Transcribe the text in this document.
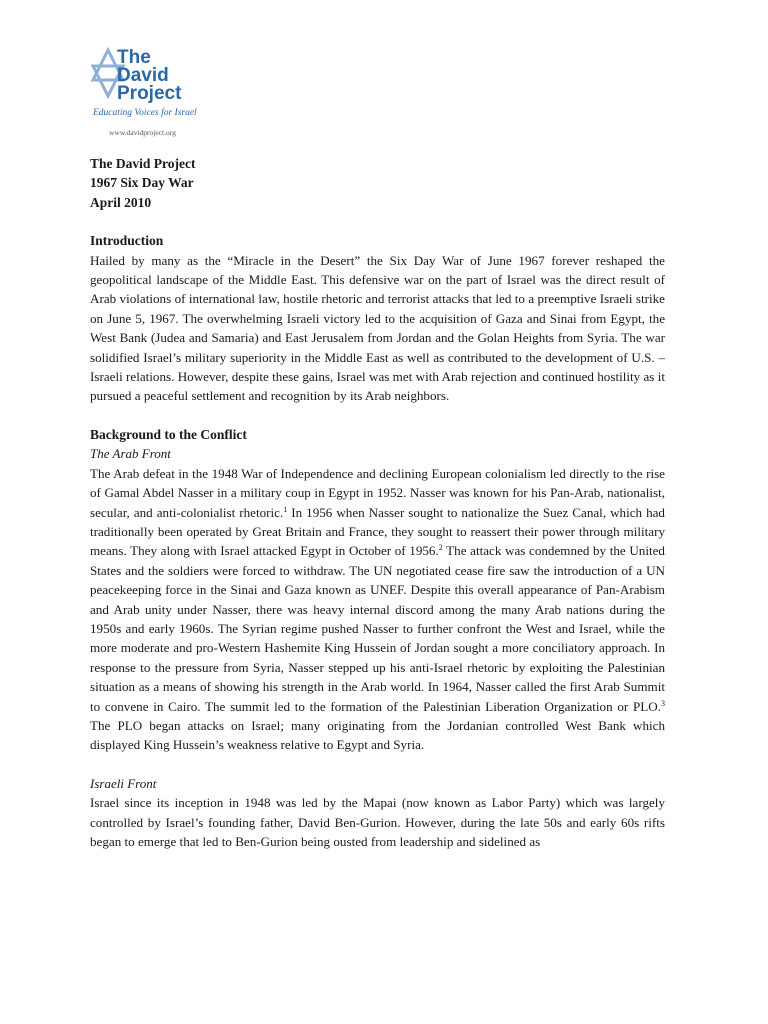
The
David
Project
Educating Voices for Israel
www.davidproject.org
The David Project
1967 Six Day War
April 2010
Introduction

Hailed by many as the “Miracle in the Desert” the Six Day War of June 1967 forever reshaped the geopolitical landscape of the Middle East. This defensive war on the part of Israel was the direct result of Arab violations of international law, hostile rhetoric and terrorist attacks that led to a preemptive Israeli strike on June 5, 1967. The overwhelming Israeli victory led to the acquisition of Gaza and Sinai from Egypt, the West Bank (Judea and Samaria) and East Jerusalem from Jordan and the Golan Heights from Syria. The war solidified Israel’s military superiority in the Middle East as well as contributed to the development of U.S. – Israeli relations. However, despite these gains, Israel was met with Arab rejection and continued hostility as it pursued a peaceful settlement and recognition by its Arab neighbors.

Background to the Conflict
The Arab Front

The Arab defeat in the 1948 War of Independence and declining European colonialism led directly to the rise of Gamal Abdel Nasser in a military coup in Egypt in 1952. Nasser was known for his Pan-Arab, nationalist, secular, and anti-colonialist rhetoric.$^1$ In 1956 when Nasser sought to nationalize the Suez Canal, which had traditionally been operated by Great Britain and France, they sought to reassert their power through military means. They along with Israel attacked Egypt in October of 1956.$^2$ The attack was condemned by the United States and the soldiers were forced to withdraw. The UN negotiated cease fire saw the introduction of a UN peacekeeping force in the Sinai and Gaza known as UNEF. Despite this overall appearance of Pan-Arabism and Arab unity under Nasser, there was heavy internal discord among the many Arab nations during the 1950s and early 1960s. The Syrian regime pushed Nasser to further confront the West and Israel, while the more moderate and pro-Western Hashemite King Hussein of Jordan sought a more conciliatory approach. In response to the pressure from Syria, Nasser stepped up his anti-Israel rhetoric by exploiting the Palestinian situation as a means of showing his strength in the Arab world. In 1964, Nasser called the first Arab Summit to convene in Cairo. The summit led to the formation of the Palestinian Liberation Organization or PLO.$^3$ The PLO began attacks on Israel; many originating from the Jordanian controlled West Bank which displayed King Hussein’s weakness relative to Egypt and Syria.

Israeli Front

Israel since its inception in 1948 was led by the Mapai (now known as Labor Party) which was largely controlled by Israel’s founding father, David Ben-Gurion. However, during the late 50s and early 60s rifts began to emerge that led to Ben-Gurion being ousted from leadership and sidelined as
